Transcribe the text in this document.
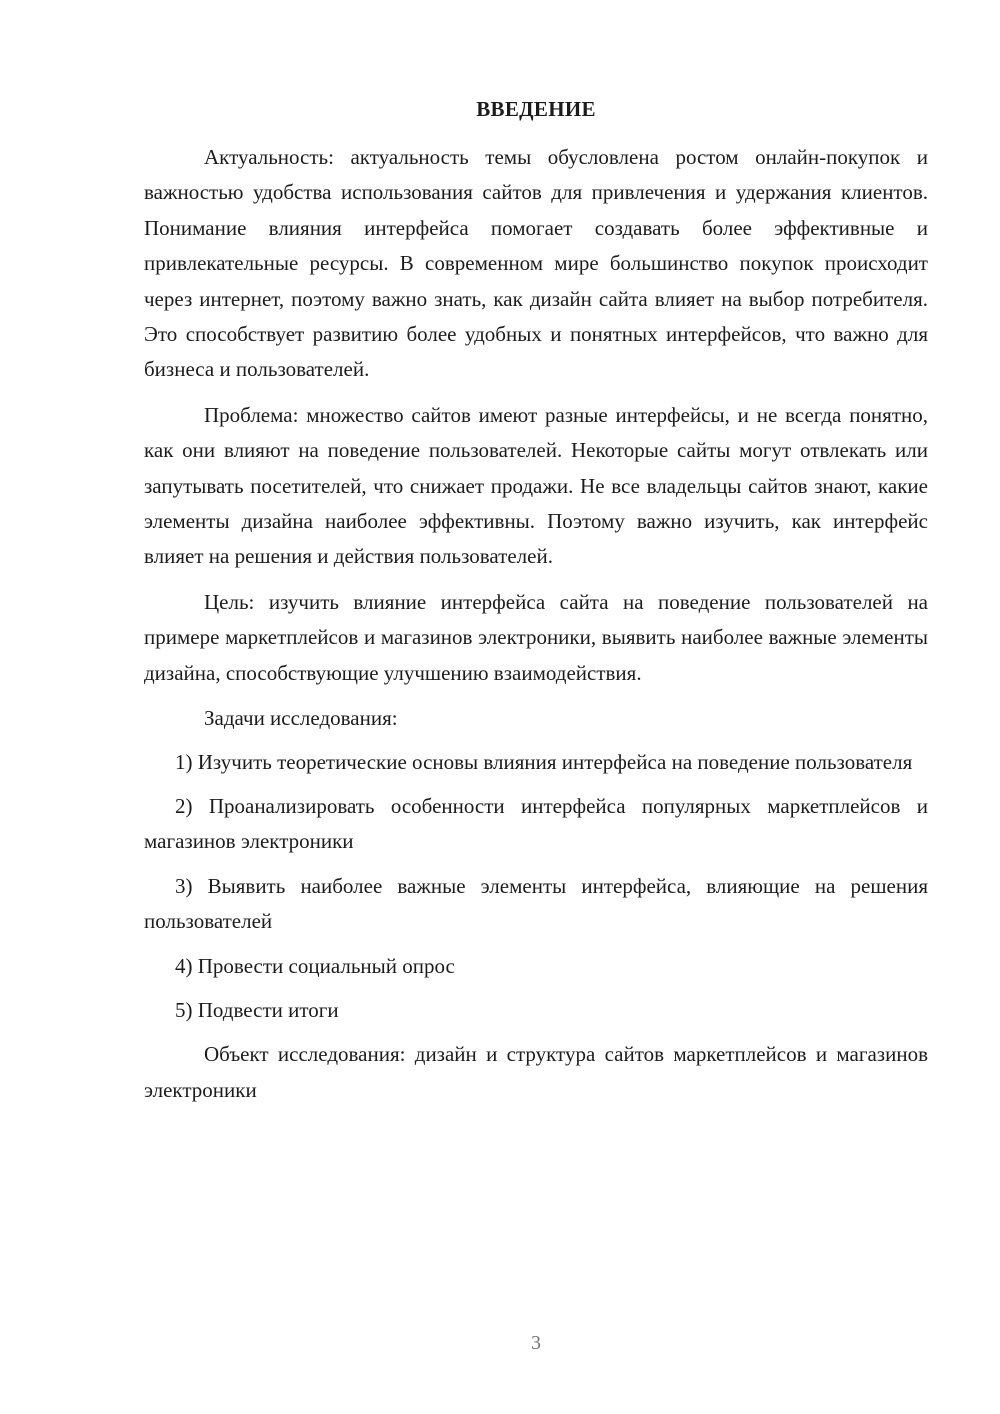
ВВЕДЕНИЕ

Актуальность: актуальность темы обусловлена ростом онлайн-покупок и важностью удобства использования сайтов для привлечения и удержания клиентов. Понимание влияния интерфейса помогает создавать более эффективные и привлекательные ресурсы. В современном мире большинство покупок происходит через интернет, поэтому важно знать, как дизайн сайта влияет на выбор потребителя. Это способствует развитию более удобных и понятных интерфейсов, что важно для бизнеса и пользователей.

Проблема: множество сайтов имеют разные интерфейсы, и не всегда понятно, как они влияют на поведение пользователей. Некоторые сайты могут отвлекать или запутывать посетителей, что снижает продажи. Не все владельцы сайтов знают, какие элементы дизайна наиболее эффективны. Поэтому важно изучить, как интерфейс влияет на решения и действия пользователей.

Цель: изучить влияние интерфейса сайта на поведение пользователей на примере маркетплейсов и магазинов электроники, выявить наиболее важные элементы дизайна, способствующие улучшению взаимодействия.

Задачи исследования:

1) Изучить теоретические основы влияния интерфейса на поведение пользователя

2) Проанализировать особенности интерфейса популярных маркетплейсов и магазинов электроники

3) Выявить наиболее важные элементы интерфейса, влияющие на решения пользователей

4) Провести социальный опрос

5) Подвести итоги

Объект исследования: дизайн и структура сайтов маркетплейсов и магазинов электроники

3
